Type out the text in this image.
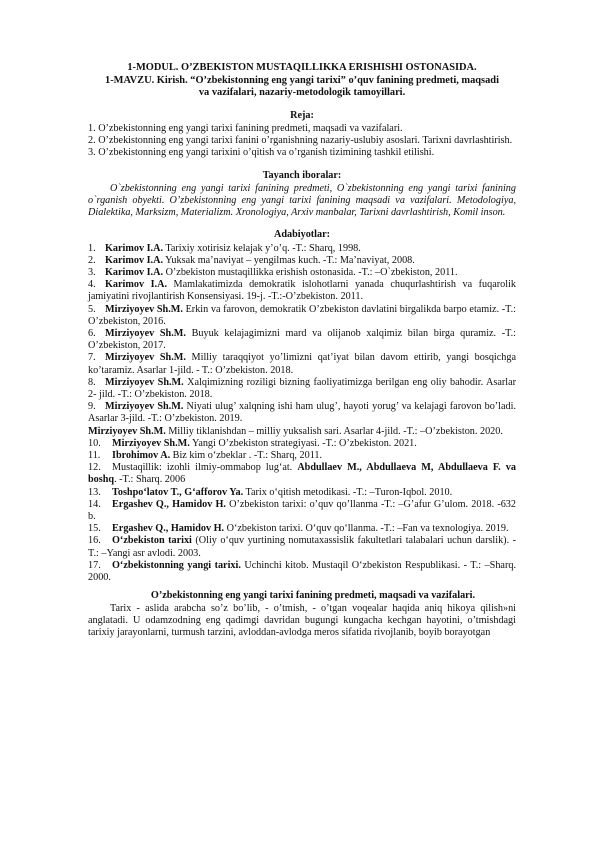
1-MODUL. O’ZBEKISTON MUSTAQILLIKKA ERISHISHI OSTONASIDA.
1-MAVZU. Kirish. “O’zbekistonning eng yangi tarixi” o’quv fanining predmeti, maqsadi
va vazifalari, nazariy-metodologik tamoyillari.
Reja:

1. O’zbekistonning eng yangi tarixi fanining predmeti, maqsadi va vazifalari.

2. O’zbekistonning eng yangi tarixi fanini o’rganishning nazariy-uslubiy asoslari. Tarixni davrlashtirish.

3. O’zbekistonning eng yangi tarixini o’qitish va o’rganish tizimining tashkil etilishi.

Tayanch iboralar:

O`zbekistonning eng yangi tarixi fanining predmeti, O`zbekistonning eng yangi tarixi fanining o`rganish obyekti. O’zbekistonning eng yangi tarixi fanining maqsadi va vazifalari. Metodologiya, Dialektika, Marksizm, Materializm. Xronologiya, Arxiv manbalar, Tarixni davrlashtirish, Komil inson.

Adabiyotlar:

1. Karimov I.A. Tarixiy xotirisiz kelajak y’o’q. -T.: Sharq, 1998.

2. Karimov I.A. Yuksak ma’naviyat – yengilmas kuch. -T.: Ma’naviyat, 2008.

3. Karimov I.A. O’zbekiston mustaqillikka erishish ostonasida. -T.: –O`zbekiston, 2011.

4. Karimov I.A. Mamlakatimizda demokratik islohotlarni yanada chuqurlashtirish va fuqarolik jamiyatini rivojlantirish Konsensiyasi. 19-j. -T.:-O’zbekiston. 2011.

5. Mirziyoyev Sh.M. Erkin va farovon, demokratik O’zbekiston davlatini birgalikda barpo etamiz. -T.: O’zbekiston, 2016.

6. Mirziyoyev Sh.M. Buyuk kelajagimizni mard va olijanob xalqimiz bilan birga quramiz. -T.: O’zbekiston, 2017.

7. Mirziyoyev Sh.M. Milliy taraqqiyot yo’limizni qat’iyat bilan davom ettirib, yangi bosqichga ko’taramiz. Asarlar 1-jild. - T.: O’zbekiston. 2018.

8. Mirziyoyev Sh.M. Xalqimizning roziligi bizning faoliyatimizga berilgan eng oliy bahodir. Asarlar 2- jild. -T.: O’zbekiston. 2018.

9. Mirziyoyev Sh.M. Niyati ulug’ xalqning ishi ham ulug’, hayoti yorug’ va kelajagi farovon bo’ladi. Asarlar 3-jild. -T.: O’zbekiston. 2019.

Mirziyoyev Sh.M. Milliy tiklanishdan – milliy yuksalish sari. Asarlar 4-jild. -T.: –O’zbekiston. 2020.

10. Mirziyoyev Sh.M. Yangi O’zbekiston strategiyasi. -T.: O’zbekiston. 2021.

11. Ibrohimov A. Biz kim o‘zbeklar . -T.: Sharq, 2011.

12. Mustaqillik: izohli ilmiy-ommabop lug‘at. Abdullaev M., Abdullaeva M, Abdullaeva F. va boshq. -T.: Sharq. 2006

13. Toshpo‘latov T., G‘afforov Ya. Tarix o‘qitish metodikasi. -T.: –Turon-Iqbol. 2010.

14. Ergashev Q., Hamidov H. O’zbekiston tarixi: o’quv qo’llanma -T.: –G’afur G’ulom. 2018. -632 b.

15. Ergashev Q., Hamidov H. O‘zbekiston tarixi. O‘quv qo‘llanma. -T.: –Fan va texnologiya. 2019.

16. O‘zbekiston tarixi (Oliy o‘quv yurtining nomutaxassislik fakultetlari talabalari uchun darslik). - T.: –Yangi asr avlodi. 2003.

17. O‘zbekistonning yangi tarixi. Uchinchi kitob. Mustaqil O‘zbekiston Respublikasi. - T.: –Sharq. 2000.

O’zbekistonning eng yangi tarixi fanining predmeti, maqsadi va vazifalari.

Tarix - aslida arabcha so’z bo’lib, - o’tmish, - o’tgan voqealar haqida aniq hikoya qilish»ni anglatadi. U odamzodning eng qadimgi davridan bugungi kungacha kechgan hayotini, o’tmishdagi tarixiy jarayonlarni, turmush tarzini, avloddan-avlodga meros sifatida rivojlanib, boyib borayotgan
